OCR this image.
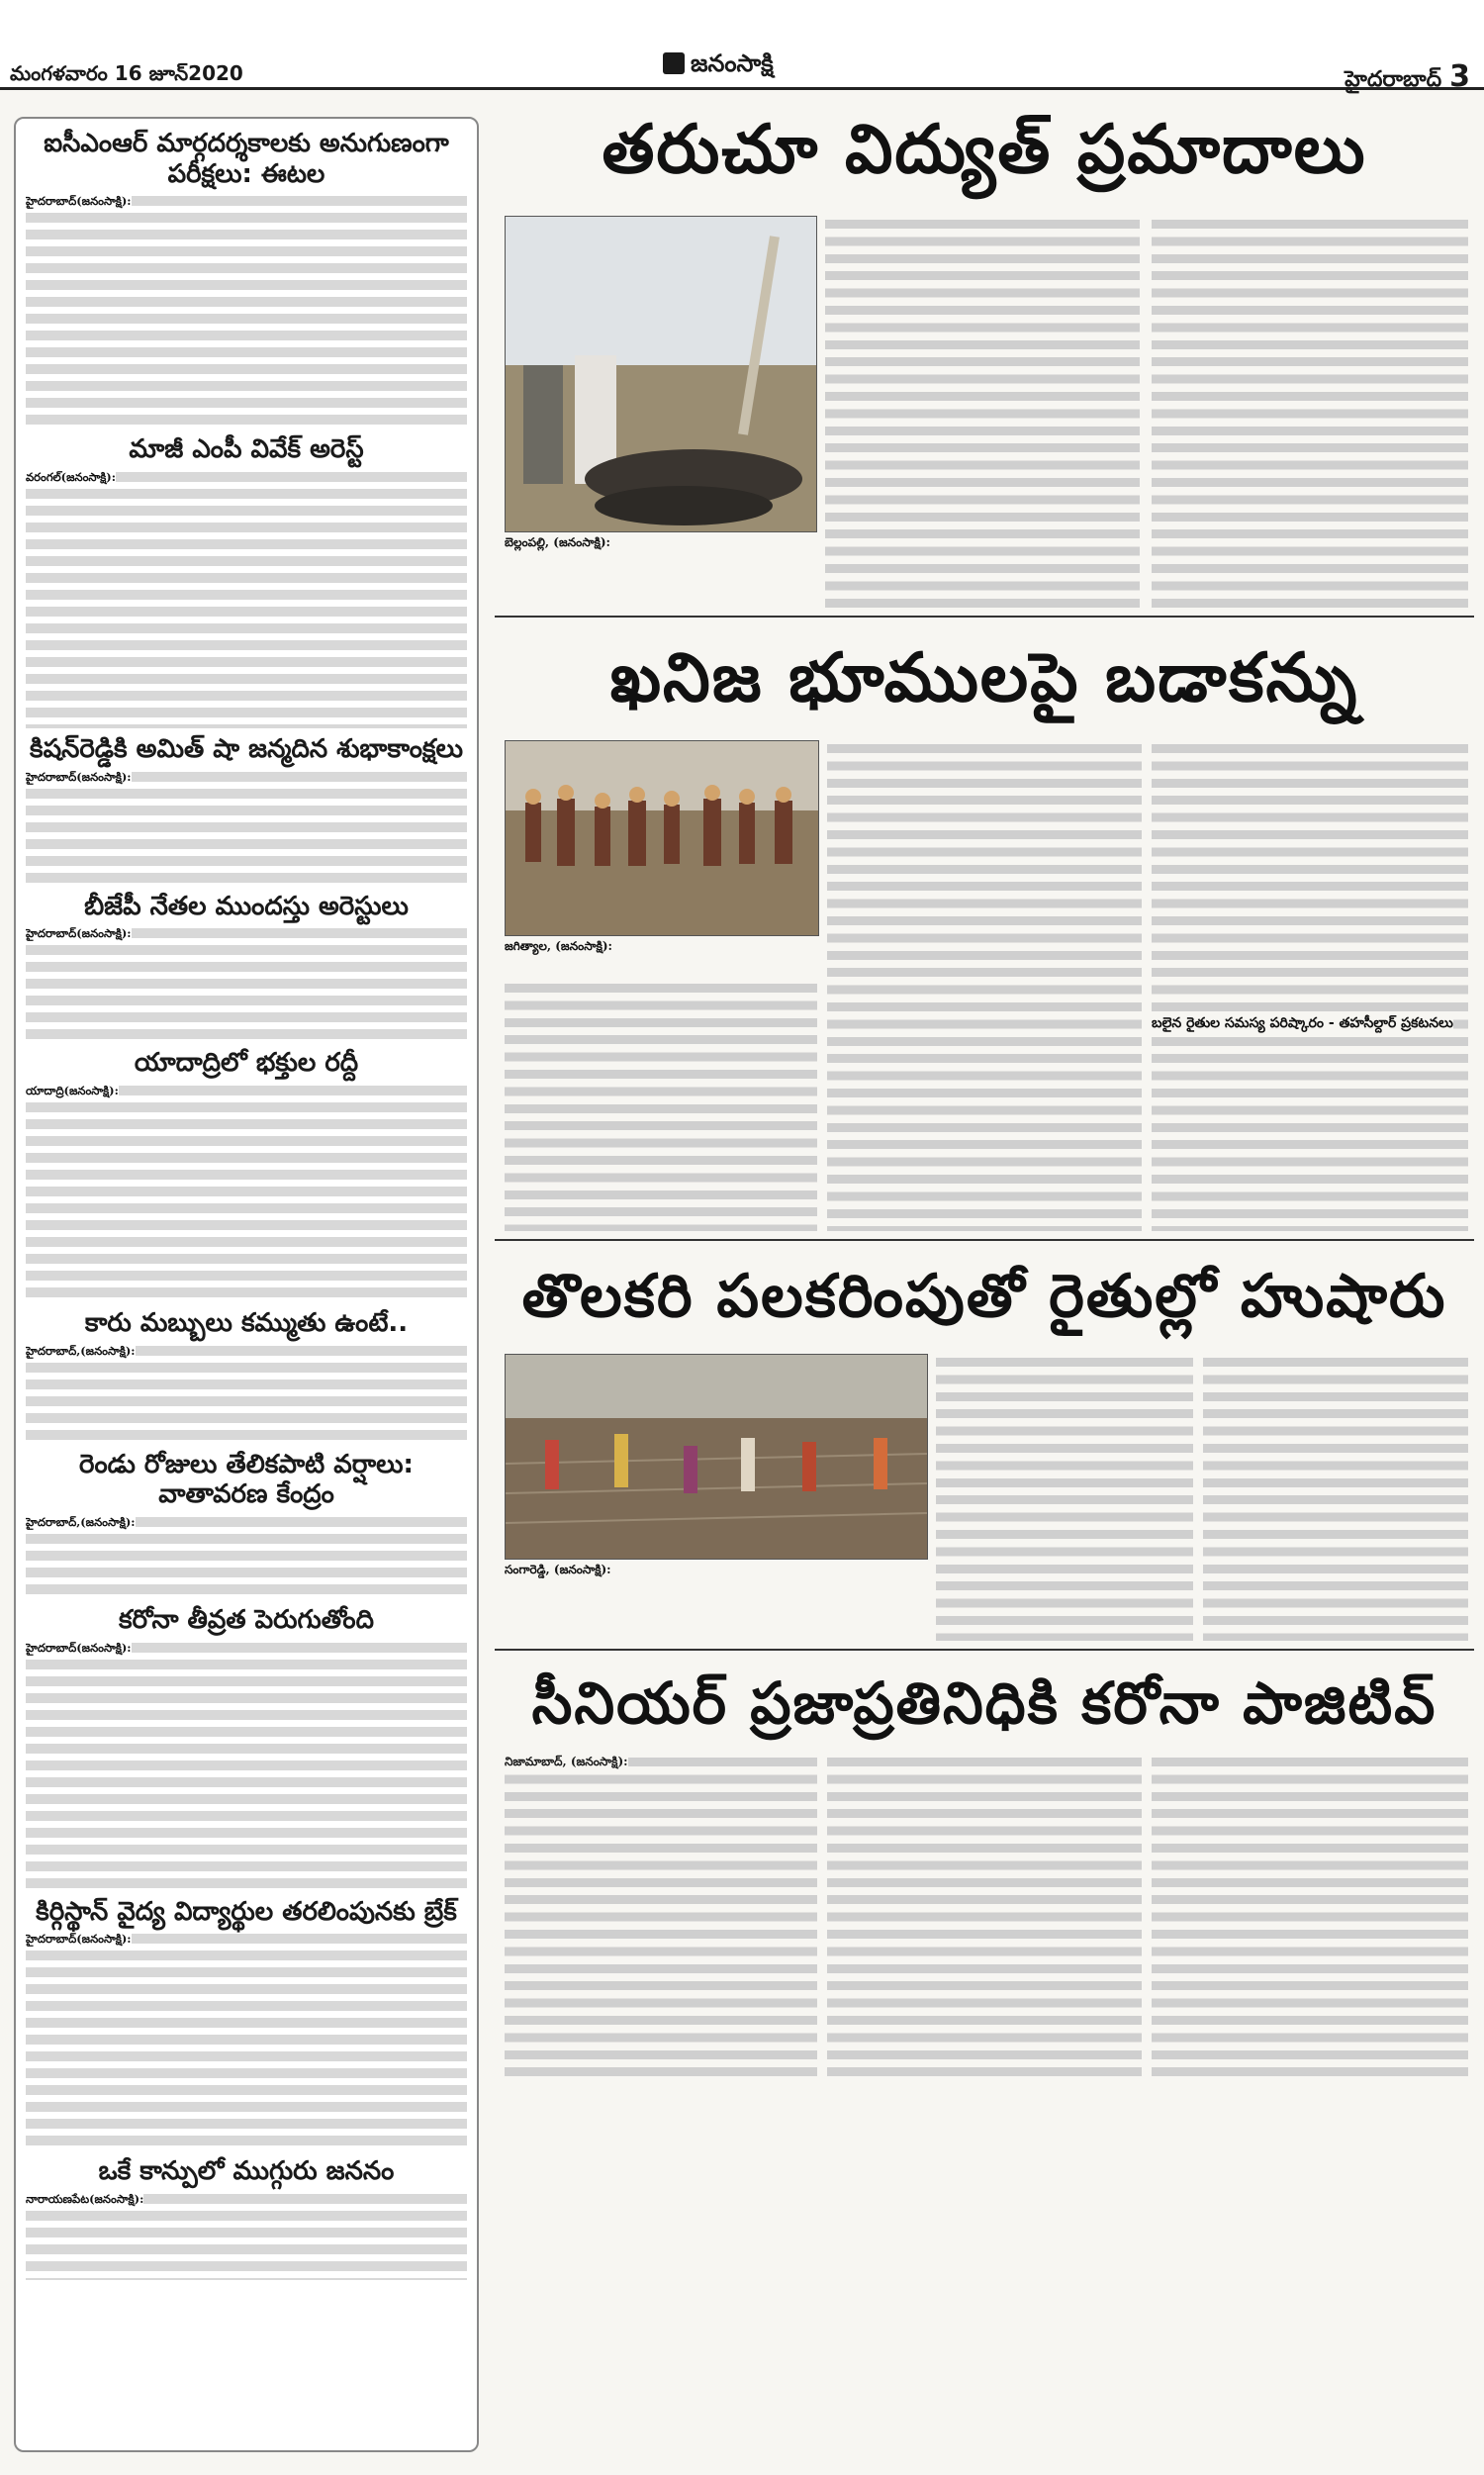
మంగళవారం 16 జూన్2020	జనంసాక్షి
హైదరాబాద్ 3
ఐసీఎంఆర్ మార్గదర్శకాలకు అనుగుణంగా పరీక్షలు: ఈటల
హైదరాబాద్(జనంసాక్షి):
మాజీ ఎంపీ వివేక్ అరెస్ట్
వరంగల్(జనంసాక్షి):
కిషన్‌రెడ్డికి అమిత్ షా జన్మదిన శుభాకాంక్షలు
హైదరాబాద్(జనంసాక్షి):
బీజేపీ నేతల ముందస్తు అరెస్టులు
హైదరాబాద్(జనంసాక్షి):
యాదాద్రిలో భక్తుల రద్దీ
యాదాద్రి(జనంసాక్షి):
కారు మబ్బులు కమ్ముతు ఉంటే..
హైదరాబాద్,(జనంసాక్షి):
రెండు రోజులు తేలికపాటి వర్షాలు: వాతావరణ కేంద్రం
హైదరాబాద్,(జనంసాక్షి):
కరోనా తీవ్రత పెరుగుతోంది
హైదరాబాద్(జనంసాక్షి):
కిర్గిస్థాన్ వైద్య విద్యార్థుల తరలింపునకు బ్రేక్
హైదరాబాద్(జనంసాక్షి):
ఒకే కాన్పులో ముగ్గురు జననం
నారాయణపేట(జనంసాక్షి):
తరుచూ విద్యుత్ ప్రమాదాలు
బెల్లంపల్లి, (జనంసాక్షి):
ఖనిజ భూములపై బడాకన్ను
జగిత్యాల, (జనంసాక్షి):
బలైన రైతుల సమస్య పరిష్కారం - తహసీల్దార్ ప్రకటనలు
తొలకరి పలకరింపుతో రైతుల్లో హుషారు
సంగారెడ్డి, (జనంసాక్షి):
సీనియర్ ప్రజాప్రతినిధికి కరోనా పాజిటివ్
నిజామాబాద్, (జనంసాక్షి):
